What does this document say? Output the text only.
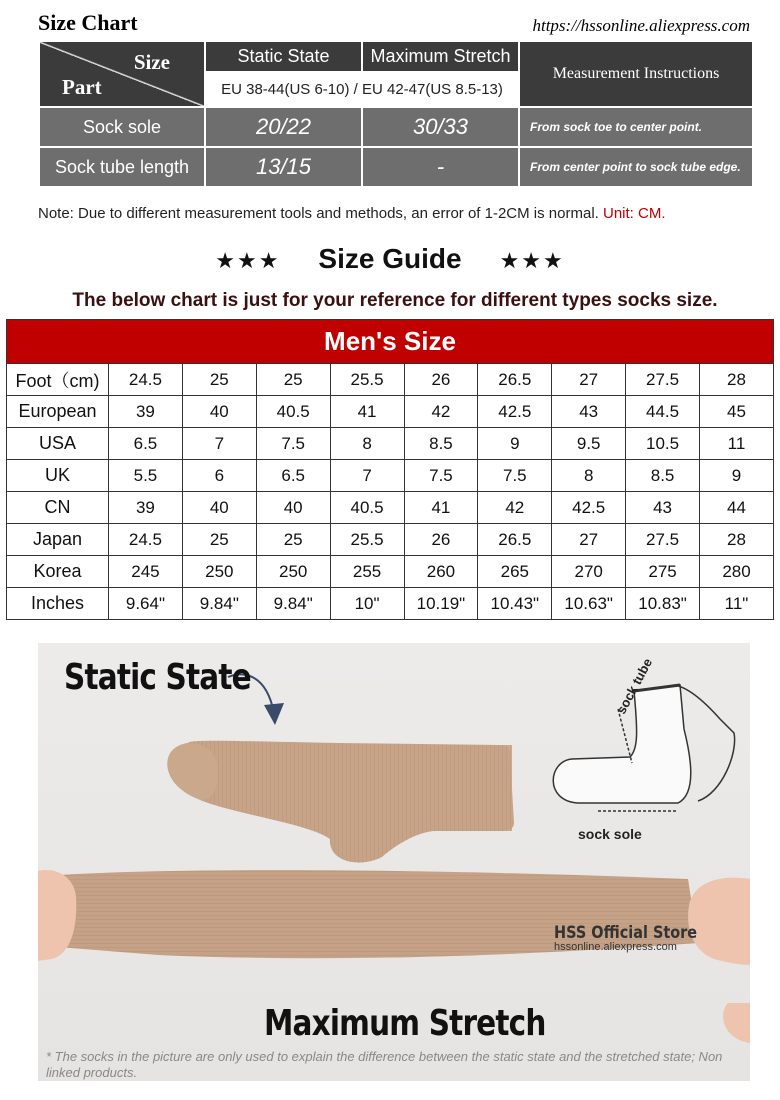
Size Chart	https://hssonline.aliexpress.com
Size
Part	Static State	Maximum Stretch	Measurement Instructions
	EU 38-44(US 6-10) / EU 42-47(US 8.5-13)		
Sock sole	20/22	30/33	From sock toe to center point.
Sock tube length	13/15	-	From center point to sock tube edge.
Note: Due to different measurement tools and methods, an error of 1-2CM is normal. Unit: CM.
★★★ Size Guide ★★★
The below chart is just for your reference for different types socks size.
Men's Size									
Foot（cm)	24.5	25	25	25.5	26	26.5	27	27.5	28
European	39	40	40.5	41	42	42.5	43	44.5	45
USA	6.5	7	7.5	8	8.5	9	9.5	10.5	11
UK	5.5	6	6.5	7	7.5	7.5	8	8.5	9
CN	39	40	40	40.5	41	42	42.5	43	44
Japan	24.5	25	25	25.5	26	26.5	27	27.5	28
Korea	245	250	250	255	260	265	270	275	280
Inches	9.64"	9.84"	9.84"	10"	10.19"	10.43"	10.63"	10.83"	11"
sock tube
sock sole
Static State
Maximum Stretch
HSS Official Store
hssonline.aliexpress.com
* The socks in the picture are only used to explain the difference between the static state and the stretched state; Non linked products.
